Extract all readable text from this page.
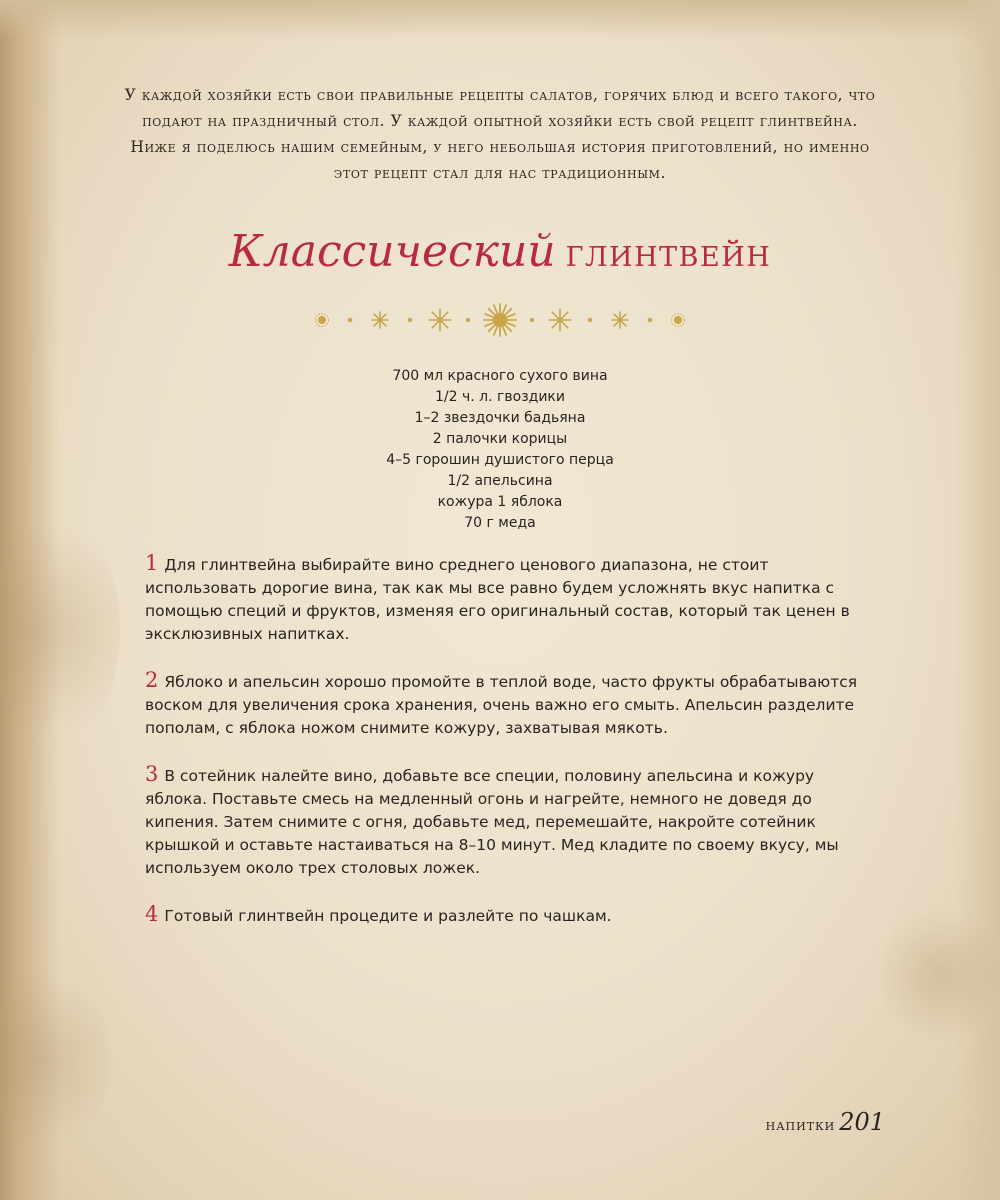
У каждой хозяйки есть свои правильные рецепты салатов, горячих блюд и всего такого, что подают на праздничный стол. У каждой опытной хозяйки есть свой рецепт глинтвейна. Ниже я поделюсь нашим семейным, у него небольшая история приготовлений, но именно этот рецепт стал для нас традиционным.
Классический глинтвейн
700 мл красного сухого вина
1/2 ч. л. гвоздики
1–2 звездочки бадьяна
2 палочки корицы
4–5 горошин душистого перца
1/2 апельсина
кожура 1 яблока
70 г меда

1 Для глинтвейна выбирайте вино среднего ценового диапазона, не стоит использовать дорогие вина, так как мы все равно будем усложнять вкус напитка с помощью специй и фруктов, изменяя его оригинальный состав, который так ценен в эксклюзивных напитках.

2 Яблоко и апельсин хорошо промойте в теплой воде, часто фрукты обрабатываются воском для увеличения срока хранения, очень важно его смыть. Апельсин разделите пополам, с яблока ножом снимите кожуру, захватывая мякоть.

3 В сотейник налейте вино, добавьте все специи, половину апельсина и кожуру яблока. Поставьте смесь на медленный огонь и нагрейте, немного не доведя до кипения. Затем снимите с огня, добавьте мед, перемешайте, накройте сотейник крышкой и оставьте настаиваться на 8–10 минут. Мед кладите по своему вкусу, мы используем около трех столовых ложек.

4 Готовый глинтвейн процедите и разлейте по чашкам.

напитки 201
